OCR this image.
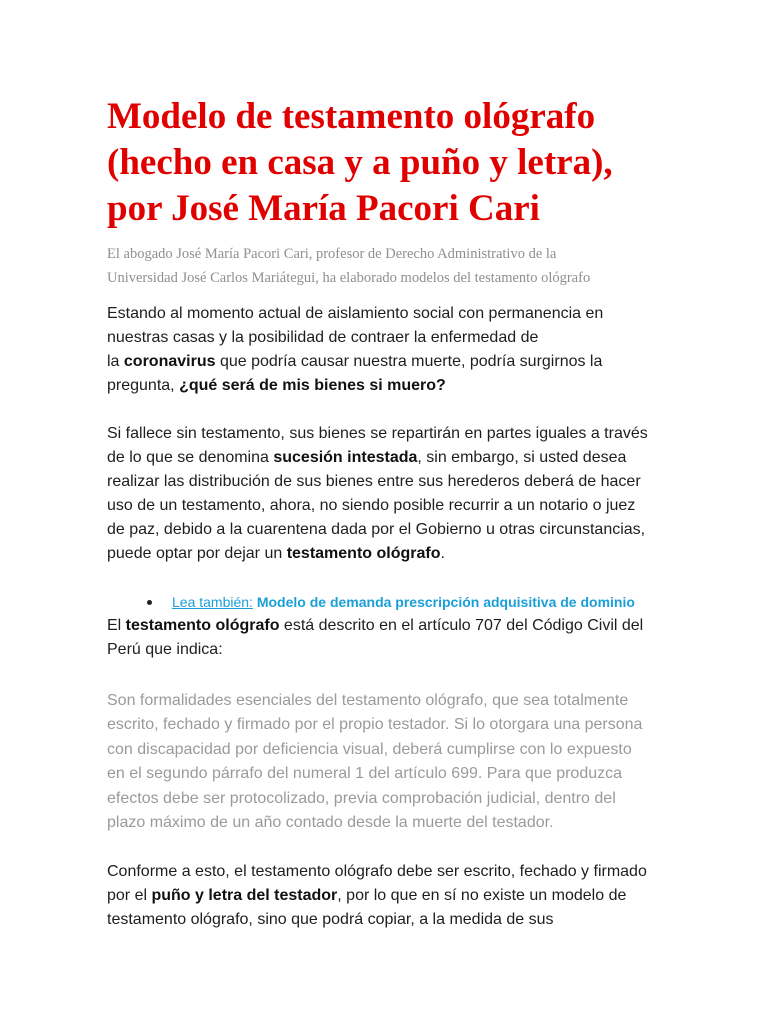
Modelo de testamento ológrafo
(hecho en casa y a puño y letra),
por José María Pacori Cari

El abogado José María Pacori Cari, profesor de Derecho Administrativo de la
Universidad José Carlos Mariátegui, ha elaborado modelos del testamento ológrafo

Estando al momento actual de aislamiento social con permanencia en
nuestras casas y la posibilidad de contraer la enfermedad de
la coronavirus que podría causar nuestra muerte, podría surgirnos la
pregunta, ¿qué será de mis bienes si muero?

Si fallece sin testamento, sus bienes se repartirán en partes iguales a través
de lo que se denomina sucesión intestada, sin embargo, si usted desea
realizar las distribución de sus bienes entre sus herederos deberá de hacer
uso de un testamento, ahora, no siendo posible recurrir a un notario o juez
de paz, debido a la cuarentena dada por el Gobierno u otras circunstancias,
puede optar por dejar un testamento ológrafo.

Lea también: Modelo de demanda prescripción adquisitiva de dominio

El testamento ológrafo está descrito en el artículo 707 del Código Civil del
Perú que indica:

Son formalidades esenciales del testamento ológrafo, que sea totalmente
escrito, fechado y firmado por el propio testador. Si lo otorgara una persona
con discapacidad por deficiencia visual, deberá cumplirse con lo expuesto
en el segundo párrafo del numeral 1 del artículo 699. Para que produzca
efectos debe ser protocolizado, previa comprobación judicial, dentro del
plazo máximo de un año contado desde la muerte del testador.

Conforme a esto, el testamento ológrafo debe ser escrito, fechado y firmado
por el puño y letra del testador, por lo que en sí no existe un modelo de
testamento ológrafo, sino que podrá copiar, a la medida de sus
